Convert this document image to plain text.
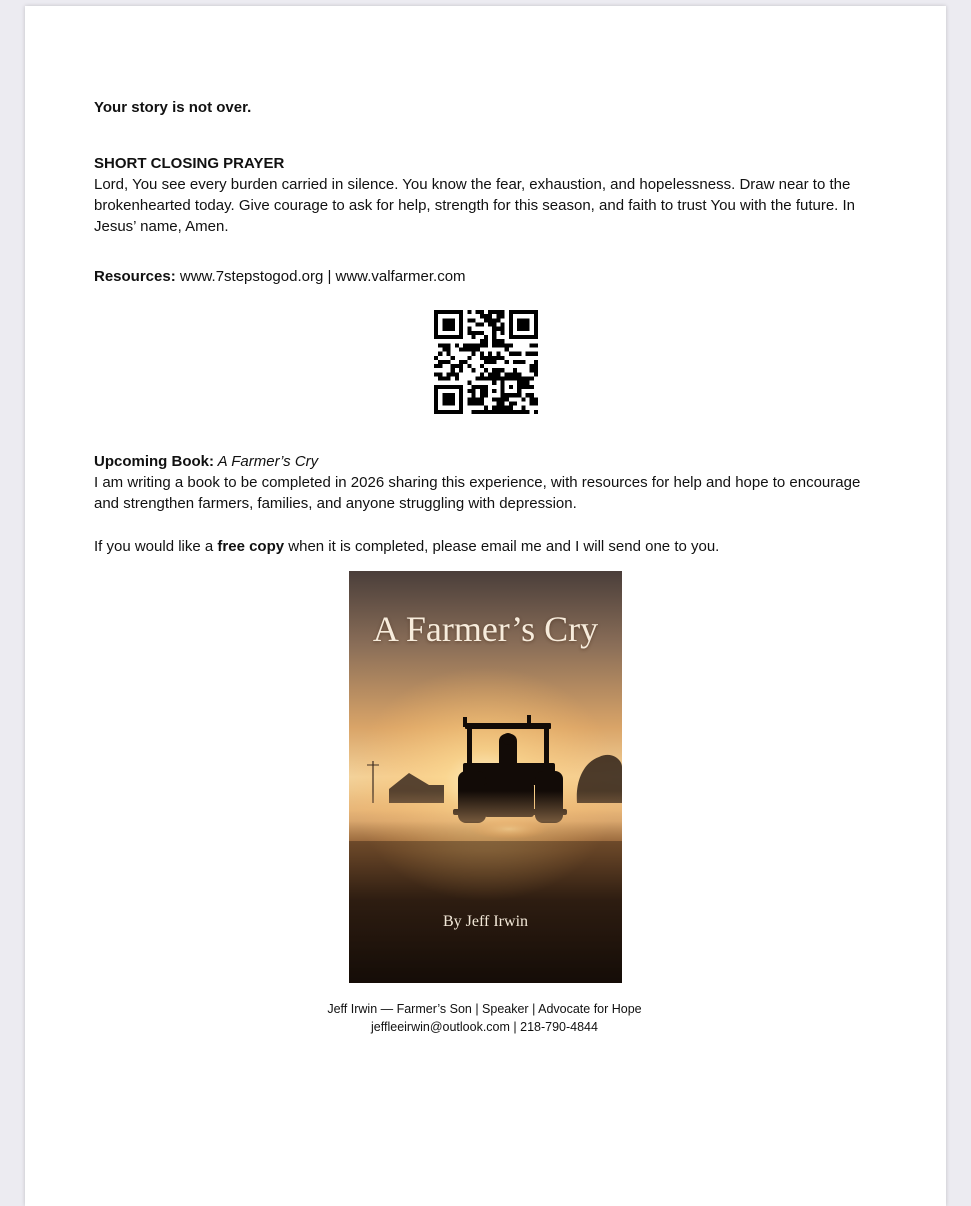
Your story is not over.

SHORT CLOSING PRAYER

Lord, You see every burden carried in silence. You know the fear, exhaustion, and hopelessness. Draw near to the brokenhearted today. Give courage to ask for help, strength for this season, and faith to trust You with the future. In Jesus’ name, Amen.

Resources: www.7stepstogod.org | www.valfarmer.com

Upcoming Book: A Farmer’s Cry

I am writing a book to be completed in 2026 sharing this experience, with resources for help and hope to encourage and strengthen farmers, families, and anyone struggling with depression.

If you would like a free copy when it is completed, please email me and I will send one to you.

A Farmer’s Cry
By Jeff Irwin
Jeff Irwin — Farmer’s Son | Speaker | Advocate for Hope
jeffleeirwin@outlook.com | 218-790-4844
